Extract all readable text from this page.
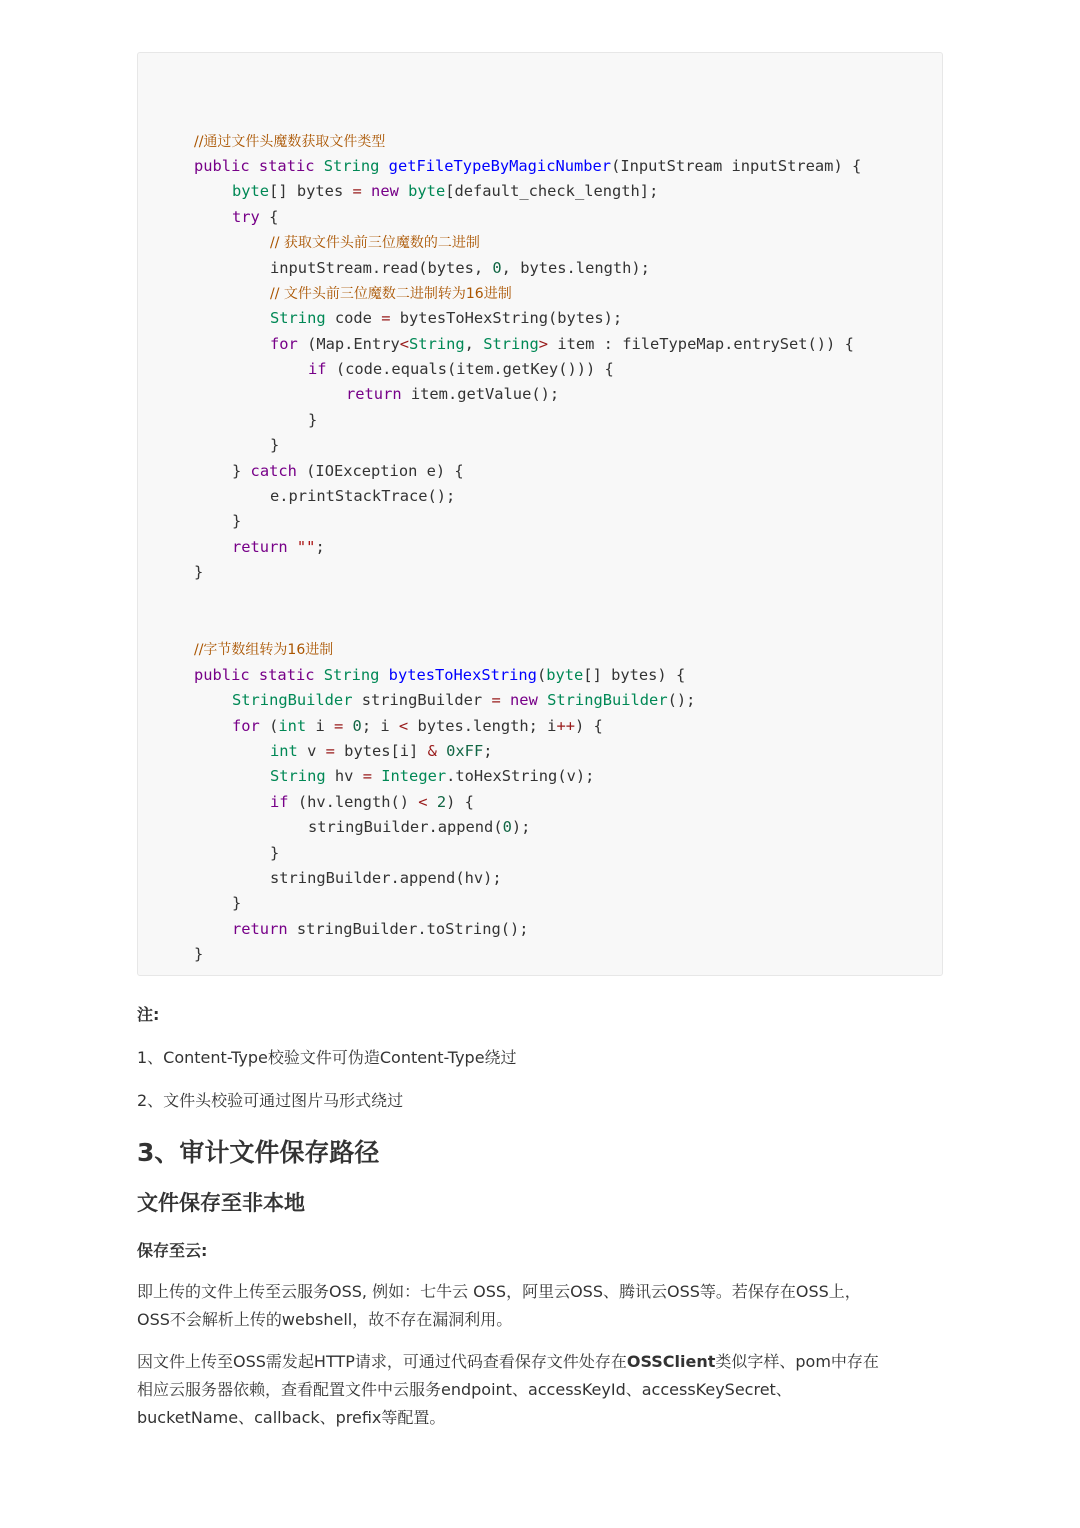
//通过文件头魔数获取文件类型
public static String getFileTypeByMagicNumber(InputStream inputStream) {
byte[] bytes = new byte[default_check_length];
try {
// 获取文件头前三位魔数的二进制
inputStream.read(bytes, 0, bytes.length);
// 文件头前三位魔数二进制转为16进制
String code = bytesToHexString(bytes);
for (Map.Entry<String, String> item : fileTypeMap.entrySet()) {
if (code.equals(item.getKey())) {
return item.getValue();
}
}
} catch (IOException e) {
e.printStackTrace();
}
return "";
}
//字节数组转为16进制
public static String bytesToHexString(byte[] bytes) {
StringBuilder stringBuilder = new StringBuilder();
for (int i = 0; i < bytes.length; i++) {
int v = bytes[i] & 0xFF;
String hv = Integer.toHexString(v);
if (hv.length() < 2) {
stringBuilder.append(0);
}
stringBuilder.append(hv);
}
return stringBuilder.toString();
}
注:
1、Content-Type校验文件可伪造Content-Type绕过
2、文件头校验可通过图片马形式绕过
3、审计文件保存路径
文件保存至非本地
保存至云:
即上传的文件上传至云服务OSS, 例如：七牛云 OSS，阿里云OSS、腾讯云OSS等。若保存在OSS上，
OSS不会解析上传的webshell，故不存在漏洞利用。
因文件上传至OSS需发起HTTP请求，可通过代码查看保存文件处存在OSSClient类似字样、pom中存在
相应云服务器依赖，查看配置文件中云服务endpoint、accessKeyId、accessKeySecret、
bucketName、callback、prefix等配置。
